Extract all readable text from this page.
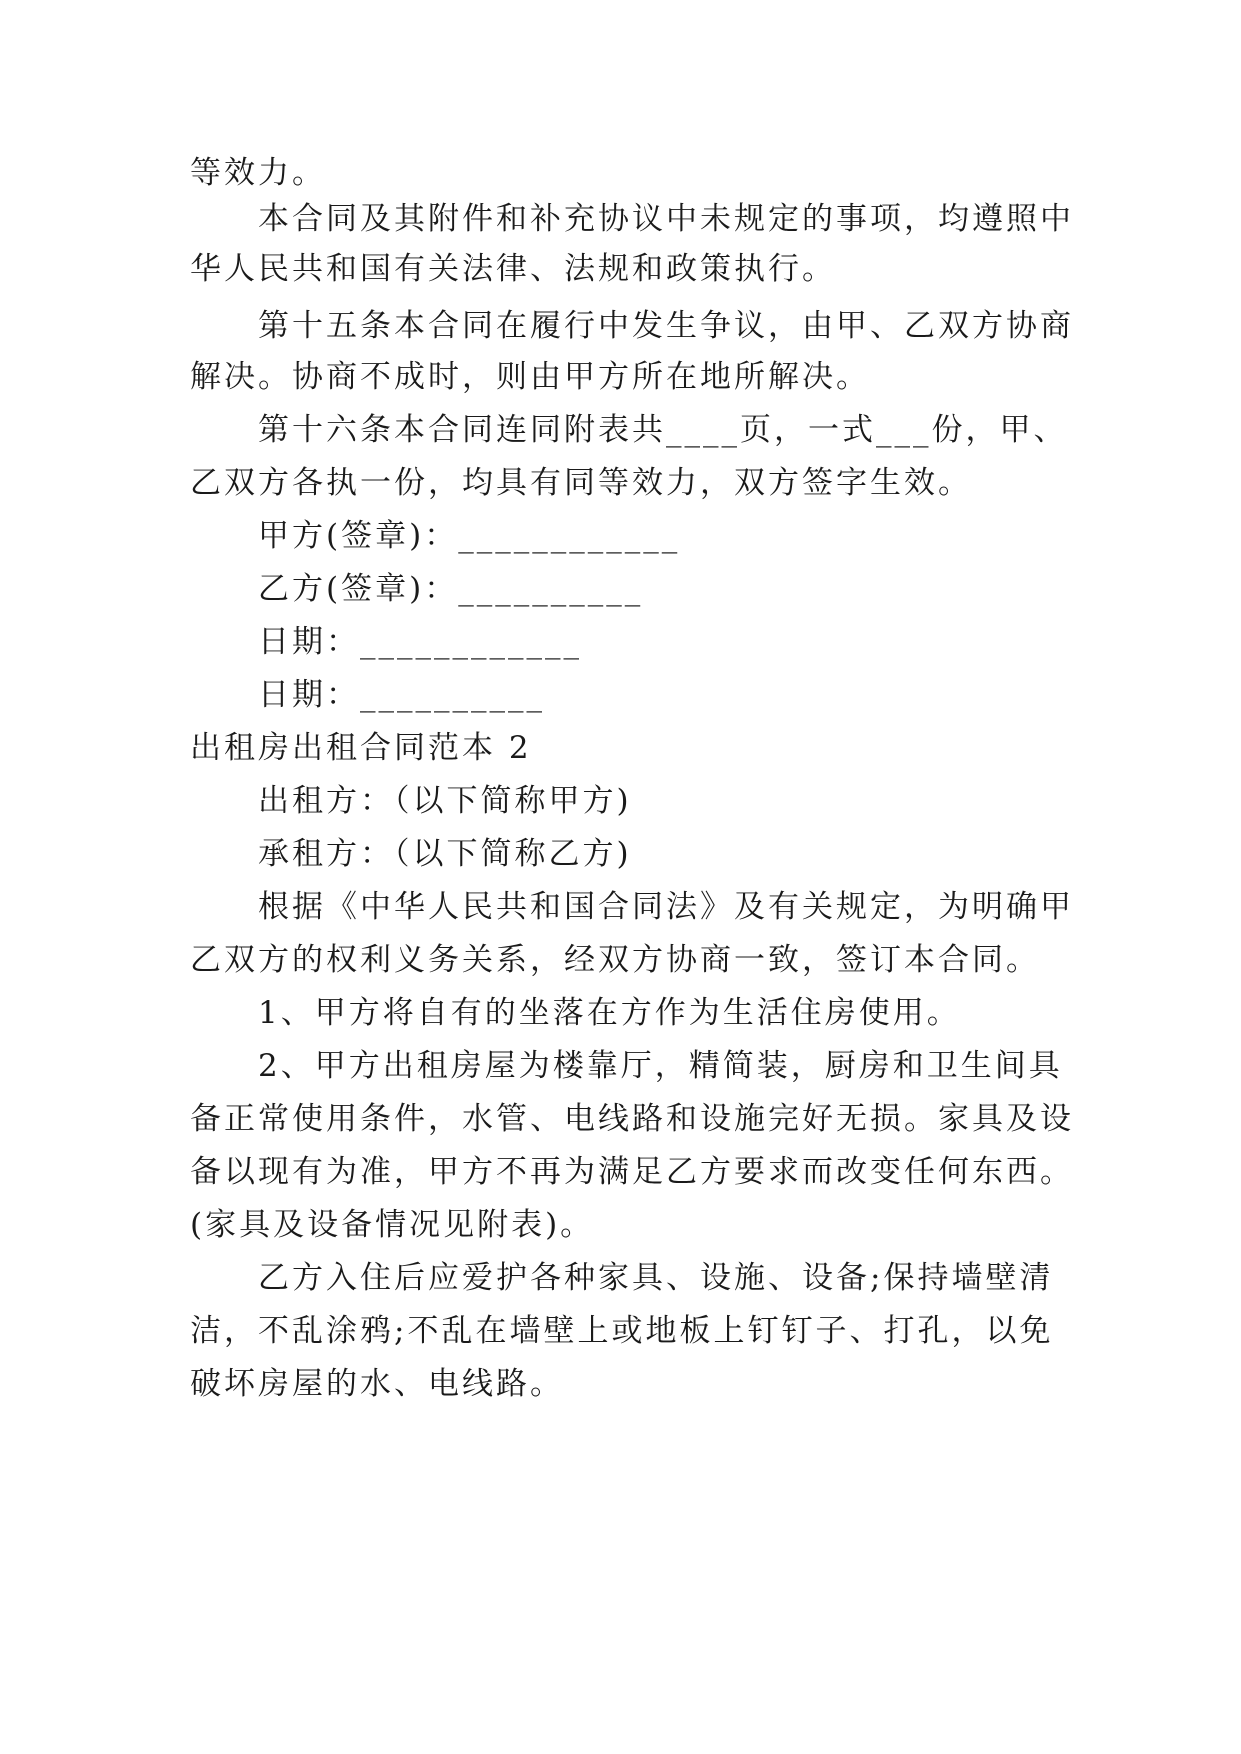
等效力。
本合同及其附件和补充协议中未规定的事项，均遵照中
华人民共和国有关法律、法规和政策执行。
第十五条本合同在履行中发生争议，由甲、乙双方协商
解决。协商不成时，则由甲方所在地所解决。
第十六条本合同连同附表共____页，一式___份，甲、
乙双方各执一份，均具有同等效力，双方签字生效。
甲方(签章)：____________
乙方(签章)：__________
日期：____________
日期：__________
出租房出租合同范本 2
出租方：（以下简称甲方)
承租方：（以下简称乙方)
根据《中华人民共和国合同法》及有关规定，为明确甲
乙双方的权利义务关系，经双方协商一致，签订本合同。
1、甲方将自有的坐落在方作为生活住房使用。
2、甲方出租房屋为楼靠厅，精简装，厨房和卫生间具
备正常使用条件，水管、电线路和设施完好无损。家具及设
备以现有为准，甲方不再为满足乙方要求而改变任何东西。
(家具及设备情况见附表)。
乙方入住后应爱护各种家具、设施、设备;保持墙壁清
洁，不乱涂鸦;不乱在墙壁上或地板上钉钉子、打孔，以免
破坏房屋的水、电线路。
